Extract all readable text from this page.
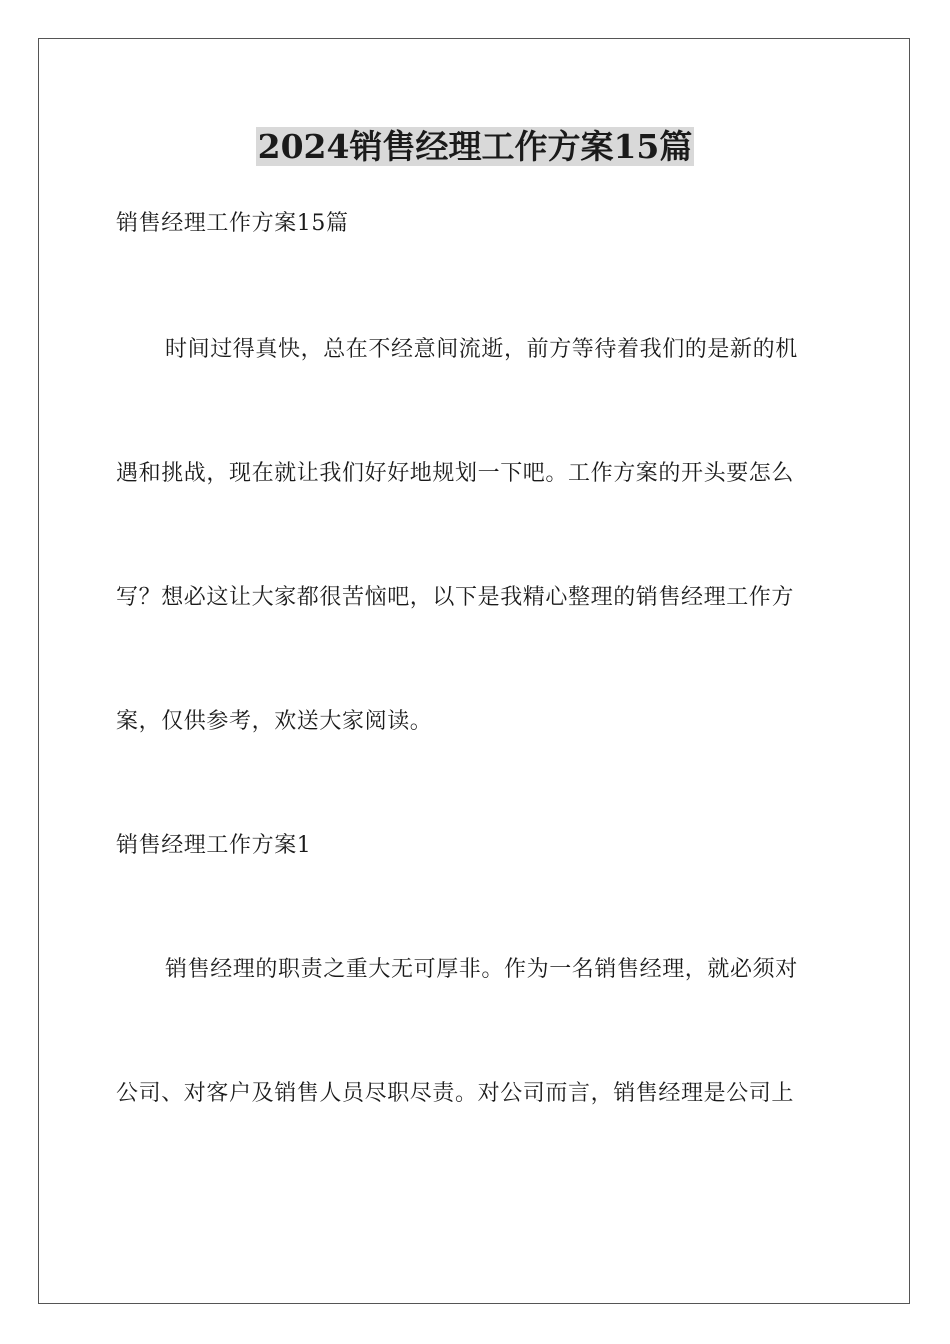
2024销售经理工作方案15篇

销售经理工作方案15篇

时间过得真快，总在不经意间流逝，前方等待着我们的是新的机

遇和挑战，现在就让我们好好地规划一下吧。工作方案的开头要怎么

写？想必这让大家都很苦恼吧，以下是我精心整理的销售经理工作方

案，仅供参考，欢送大家阅读。

销售经理工作方案1

销售经理的职责之重大无可厚非。作为一名销售经理，就必须对

公司、对客户及销售人员尽职尽责。对公司而言，销售经理是公司上
